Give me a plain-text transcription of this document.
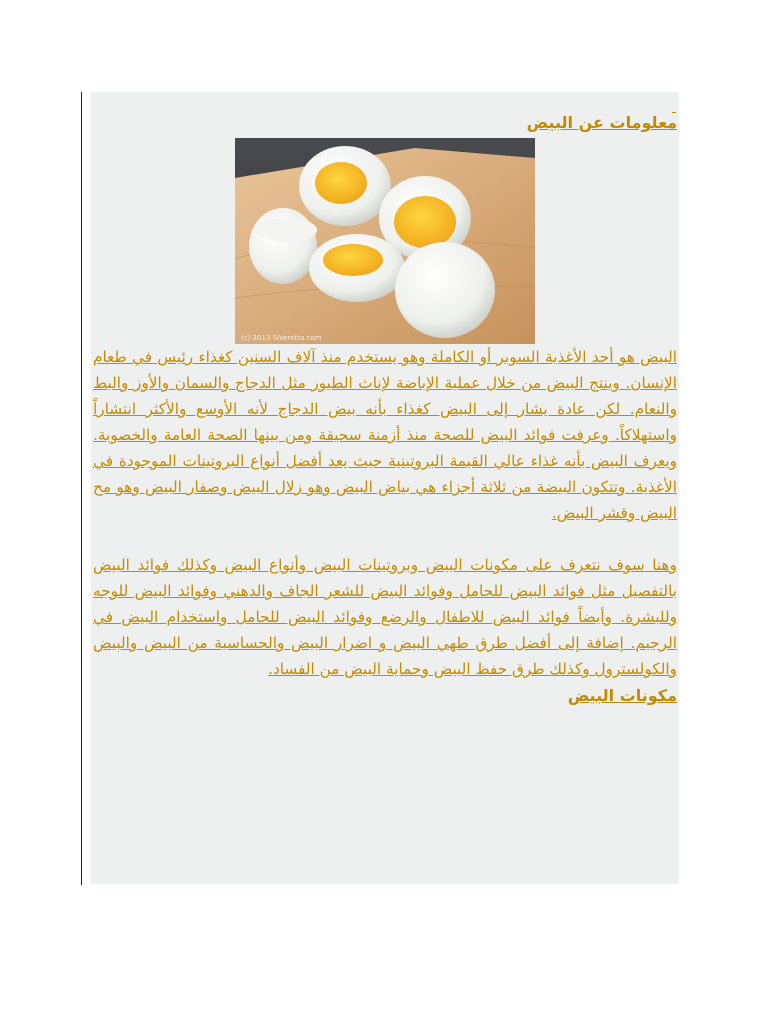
معلومات عن البيض
(c) 2013 SiVeretta.com

البيض هو أحد الأغذية السوبر أو الكاملة وهو يستخدم منذ آلاف السنين كغذاء رئيس في طعام الإنسان. وينتج البيض من خلال عملية الإباضة لإناث الطيور مثل الدجاج والسمان والأوز والبط والنعام. لكن عادة يشار إلى البيض كغذاء بأنه بيض الدجاج لأنه الأوسع والأكثر انتشاراً واستهلاكاً. وعرفت فوائد البيض للصحة منذ أزمنة سحيقة ومن بينها الصحة العامة والخصوبة. ويعرف البيض بأنه غذاء عالي القيمة البروتينية حيث يعد أفضل أنواع البروتينات الموجودة في الأغذية. وتتكون البيضة من ثلاثة أجزاء هي بياض البيض وهو زلال البيض وصفار البيض وهو مح البيض وقشر البيض.

وهنا سوف نتعرف على مكونات البيض وبروتينات البيض وأنواع البيض وكذلك فوائد البيض بالتفصيل مثل فوائد البيض للحامل وفوائد البيض للشعر الجاف والدهني وفوائد البيض للوجه وللبشرة. وأيضاً فوائد البيض للاطفال والرضع وفوائد البيض للحامل واستخدام البيض في الرجيم. إضافة إلى أفضل طرق طهي البيض و اضرار البيض والحساسية من البيض والبيض والكولسترول وكذلك طرق حفظ البيض وحماية البيض من الفساد.

مكونات البيض
